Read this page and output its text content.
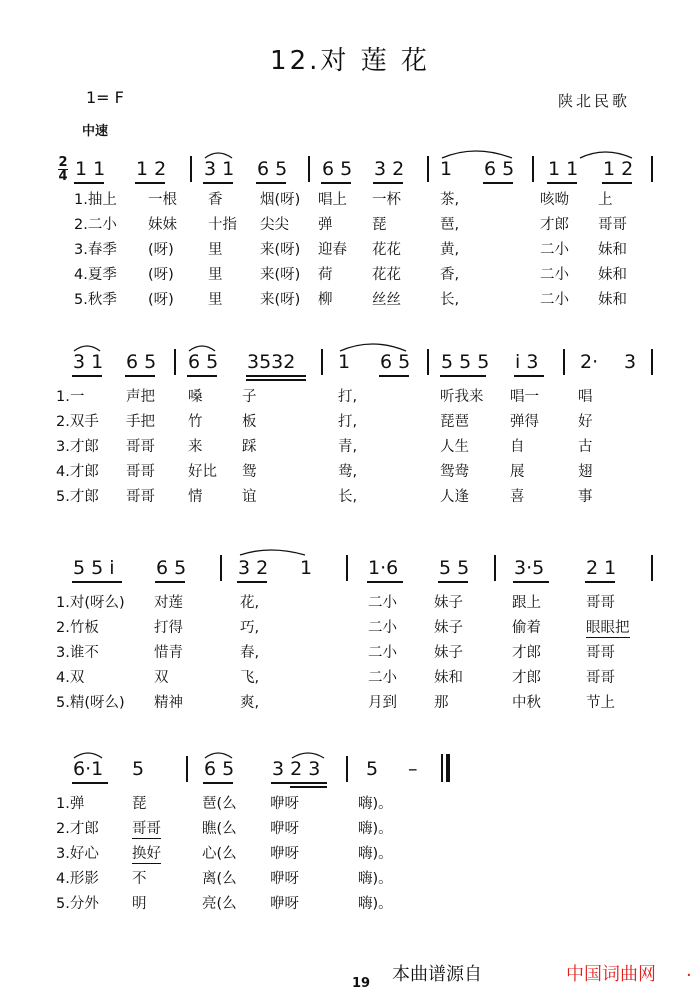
12.对 莲 花
1= F
中速
陕北民歌
2
4 1 1 1 2 3 1 6 5 6 5 3 2 1 6 5 1 1 1 2
1.抽上 一根 香	烟(呀) 唱上 一杯	茶,	咳呦 上
2.二小 妹妹 十指 尖尖 弹	琵	琶,	才郎 哥哥
3.春季 (呀) 里	来(呀) 迎春 花花	黄,	二小 妹和
4.夏季 (呀) 里	来(呀) 荷	花花	香,	二小 妹和
5.秋季 (呀) 里	来(呀) 柳	丝丝	长,	二小 妹和
3 1 6 5 6 5 3532 1 6 5 5 5 5 i 3 2· 3
1.一	声把 嗓	子	打,	听我来 唱一	唱
2.双手 手把 竹	板	打,	琵琶	弹得	好
3.才郎 哥哥 来	踩	青,	人生	自	古
4.才郎 哥哥 好比 鸳	鸯,	鸳鸯	展	翅
5.才郎 哥哥 情	谊	长,	人逢	喜	事
5 5 i 6 5	3 2 1	1·6 5 5 3·5 2 1
1.对(呀么) 对莲	花,	二小	妹子	跟上	哥哥
2.竹板	打得	巧,	二小	妹子	偷着	眼眼把
3.谁不	惜青	春,	二小	妹子	才郎	哥哥
4.双	双	飞,	二小	妹和	才郎	哥哥
5.精(呀么) 精神	爽,	月到	那	中秋	节上
6·1 5	6 5 3 2 3 5 –
1.弹	琵	琶(么 咿呀	嗨)。
2.才郎 哥哥	瞧(么 咿呀	嗨)。
3.好心 换好	心(么 咿呀	嗨)。
4.形影 不	离(么 咿呀	嗨)。
5.分外 明	亮(么 咿呀	嗨)。
19 本曲谱源自	中国词曲网 .
